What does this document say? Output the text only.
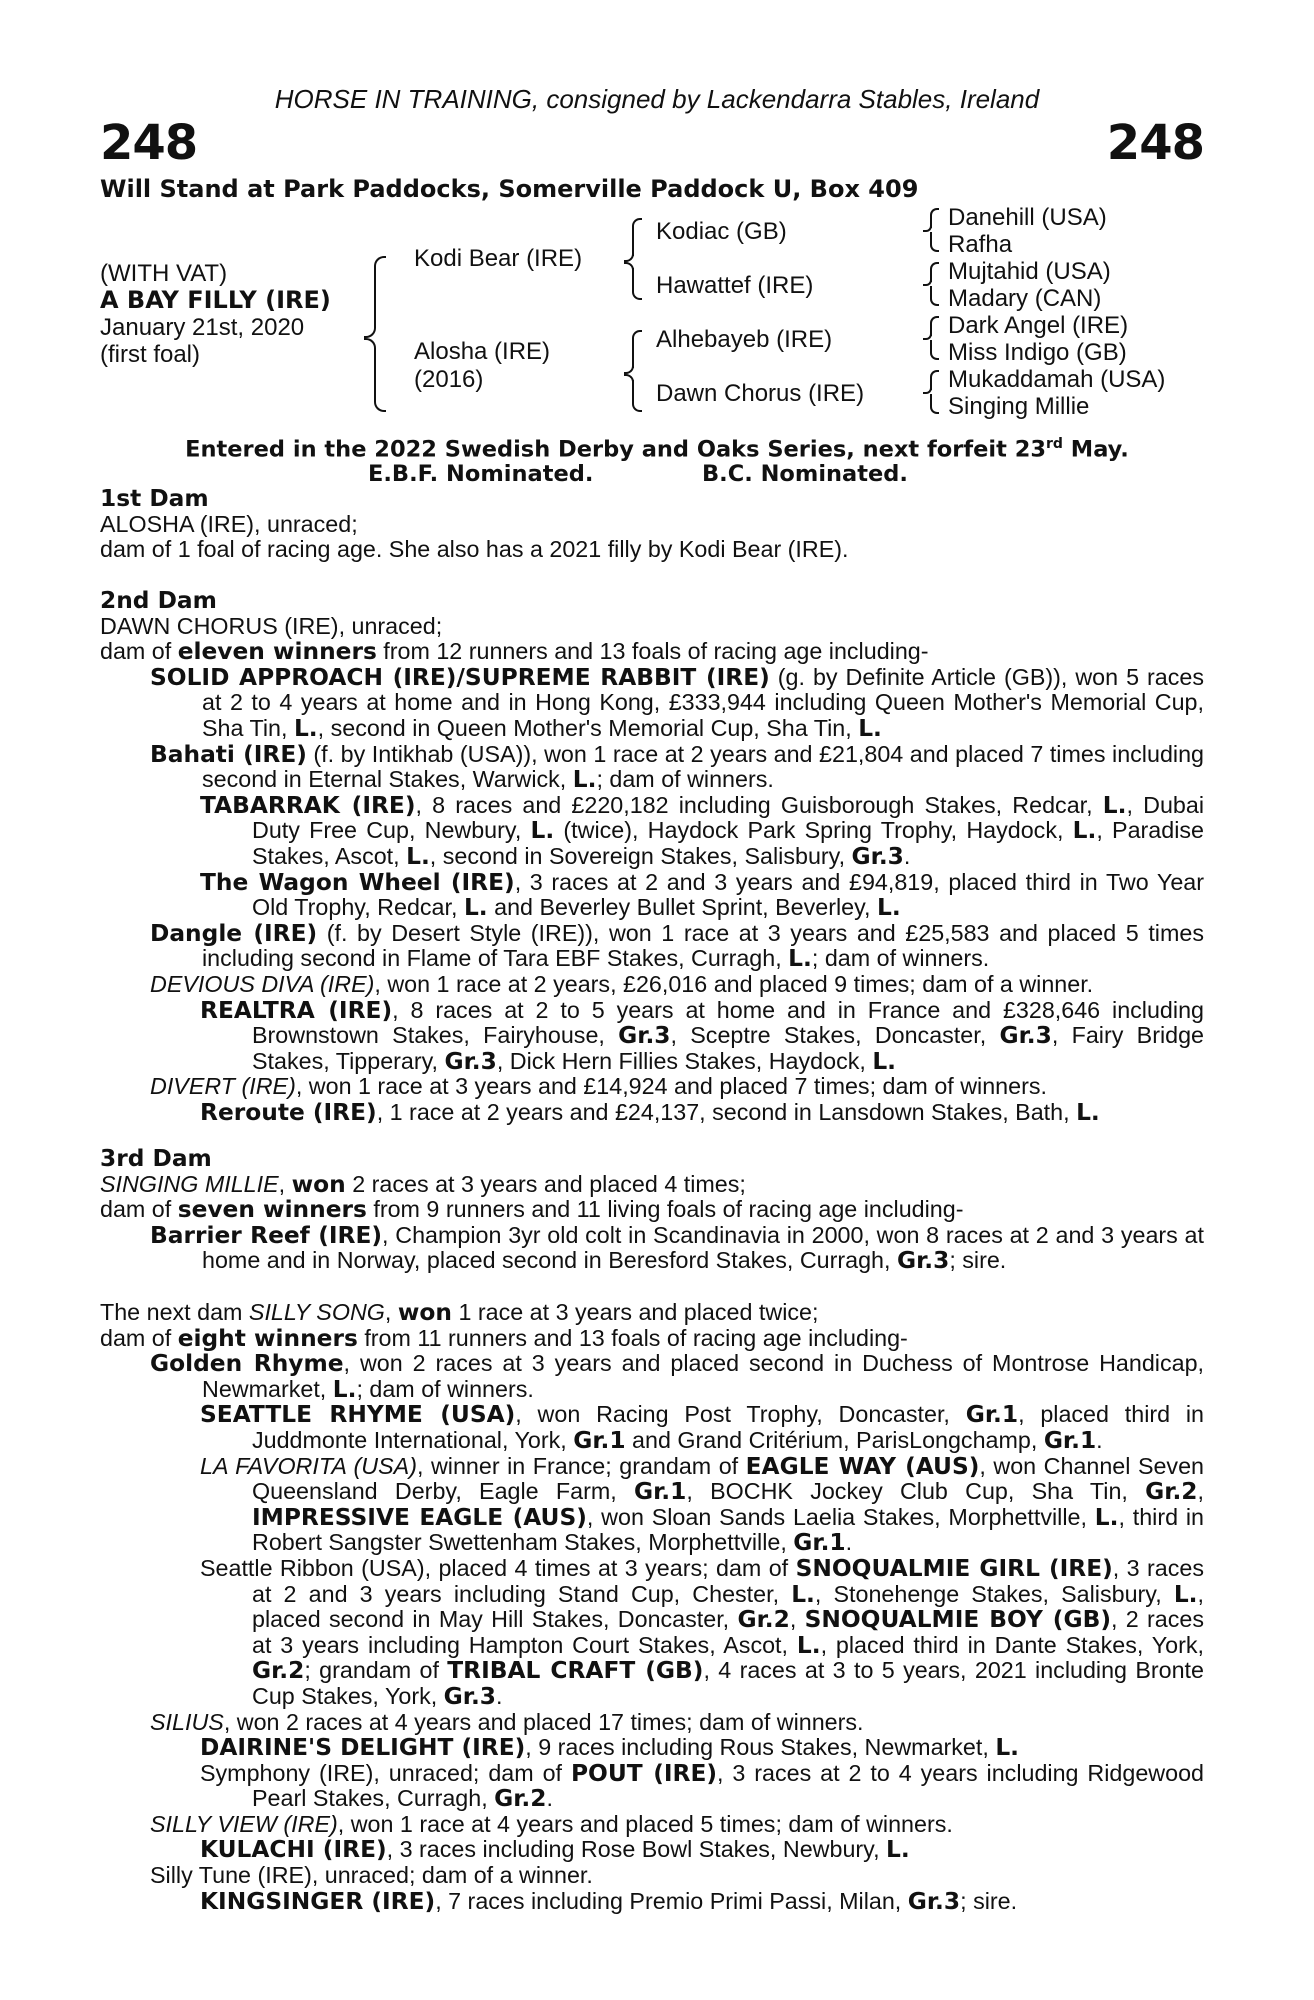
HORSE IN TRAINING, consigned by Lackendarra Stables, Ireland
248	248
Will Stand at Park Paddocks, Somerville Paddock U, Box 409
(WITH VAT)
A BAY FILLY (IRE)
January 21st, 2020
(first foal)
Kodi Bear (IRE)
Alosha (IRE)
(2016)
Kodiac (GB)
Hawattef (IRE)
Alhebayeb (IRE)
Dawn Chorus (IRE)
Danehill (USA)
Rafha
Mujtahid (USA)
Madary (CAN)
Dark Angel (IRE)
Miss Indigo (GB)
Mukaddamah (USA)
Singing Millie
Entered in the 2022 Swedish Derby and Oaks Series, next forfeit 23rd May.
E.B.F. Nominated.	B.C. Nominated.

1st Dam

ALOSHA (IRE), unraced;

dam of 1 foal of racing age. She also has a 2021 filly by Kodi Bear (IRE).

2nd Dam

DAWN CHORUS (IRE), unraced;

dam of eleven winners from 12 runners and 13 foals of racing age including-

SOLID APPROACH (IRE)/SUPREME RABBIT (IRE) (g. by Definite Article (GB)), won 5 races at 2 to 4 years at home and in Hong Kong, £333,944 including Queen Mother's Memorial Cup, Sha Tin, L., second in Queen Mother's Memorial Cup, Sha Tin, L.

Bahati (IRE) (f. by Intikhab (USA)), won 1 race at 2 years and £21,804 and placed 7 times including second in Eternal Stakes, Warwick, L.; dam of winners.

TABARRAK (IRE), 8 races and £220,182 including Guisborough Stakes, Redcar, L., Dubai Duty Free Cup, Newbury, L. (twice), Haydock Park Spring Trophy, Haydock, L., Paradise Stakes, Ascot, L., second in Sovereign Stakes, Salisbury, Gr.3.

The Wagon Wheel (IRE), 3 races at 2 and 3 years and £94,819, placed third in Two Year Old Trophy, Redcar, L. and Beverley Bullet Sprint, Beverley, L.

Dangle (IRE) (f. by Desert Style (IRE)), won 1 race at 3 years and £25,583 and placed 5 times including second in Flame of Tara EBF Stakes, Curragh, L.; dam of winners.

DEVIOUS DIVA (IRE), won 1 race at 2 years, £26,016 and placed 9 times; dam of a winner.

REALTRA (IRE), 8 races at 2 to 5 years at home and in France and £328,646 including Brownstown Stakes, Fairyhouse, Gr.3, Sceptre Stakes, Doncaster, Gr.3, Fairy Bridge Stakes, Tipperary, Gr.3, Dick Hern Fillies Stakes, Haydock, L.

DIVERT (IRE), won 1 race at 3 years and £14,924 and placed 7 times; dam of winners.

Reroute (IRE), 1 race at 2 years and £24,137, second in Lansdown Stakes, Bath, L.

3rd Dam

SINGING MILLIE, won 2 races at 3 years and placed 4 times;

dam of seven winners from 9 runners and 11 living foals of racing age including-

Barrier Reef (IRE), Champion 3yr old colt in Scandinavia in 2000, won 8 races at 2 and 3 years at home and in Norway, placed second in Beresford Stakes, Curragh, Gr.3; sire.

The next dam SILLY SONG, won 1 race at 3 years and placed twice;

dam of eight winners from 11 runners and 13 foals of racing age including-

Golden Rhyme, won 2 races at 3 years and placed second in Duchess of Montrose Handicap, Newmarket, L.; dam of winners.

SEATTLE RHYME (USA), won Racing Post Trophy, Doncaster, Gr.1, placed third in Juddmonte International, York, Gr.1 and Grand Critérium, ParisLongchamp, Gr.1.

LA FAVORITA (USA), winner in France; grandam of EAGLE WAY (AUS), won Channel Seven Queensland Derby, Eagle Farm, Gr.1, BOCHK Jockey Club Cup, Sha Tin, Gr.2, IMPRESSIVE EAGLE (AUS), won Sloan Sands Laelia Stakes, Morphettville, L., third in Robert Sangster Swettenham Stakes, Morphettville, Gr.1.

Seattle Ribbon (USA), placed 4 times at 3 years; dam of SNOQUALMIE GIRL (IRE), 3 races at 2 and 3 years including Stand Cup, Chester, L., Stonehenge Stakes, Salisbury, L., placed second in May Hill Stakes, Doncaster, Gr.2, SNOQUALMIE BOY (GB), 2 races at 3 years including Hampton Court Stakes, Ascot, L., placed third in Dante Stakes, York, Gr.2; grandam of TRIBAL CRAFT (GB), 4 races at 3 to 5 years, 2021 including Bronte Cup Stakes, York, Gr.3.

SILIUS, won 2 races at 4 years and placed 17 times; dam of winners.

DAIRINE'S DELIGHT (IRE), 9 races including Rous Stakes, Newmarket, L.

Symphony (IRE), unraced; dam of POUT (IRE), 3 races at 2 to 4 years including Ridgewood Pearl Stakes, Curragh, Gr.2.

SILLY VIEW (IRE), won 1 race at 4 years and placed 5 times; dam of winners.

KULACHI (IRE), 3 races including Rose Bowl Stakes, Newbury, L.

Silly Tune (IRE), unraced; dam of a winner.

KINGSINGER (IRE), 7 races including Premio Primi Passi, Milan, Gr.3; sire.
